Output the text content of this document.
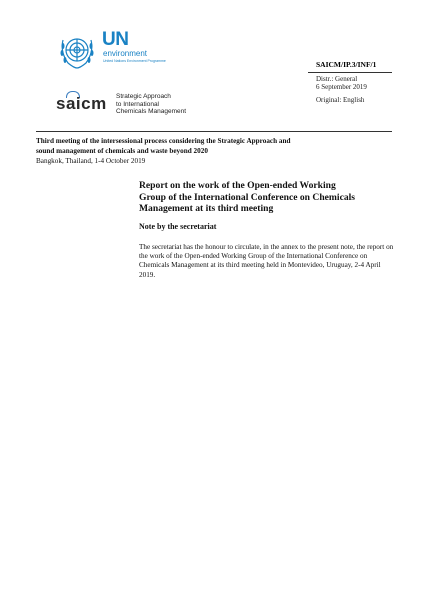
UN
environment
United Nations Environment Programme	SAICM/IP.3/INF/1
Distr.: General
6 September 2019
Original: English
saicm Strategic Approach
to International
Chemicals Management
Third meeting of the intersessional process considering the Strategic Approach and sound management of chemicals and waste beyond 2020
Bangkok, Thailand, 1-4 October 2019
Report on the work of the Open-ended Working Group of the International Conference on Chemicals Management at its third meeting
Note by the secretariat
The secretariat has the honour to circulate, in the annex to the present note, the report on the work of the Open-ended Working Group of the International Conference on Chemicals Management at its third meeting held in Montevideo, Uruguay, 2-4 April 2019.
